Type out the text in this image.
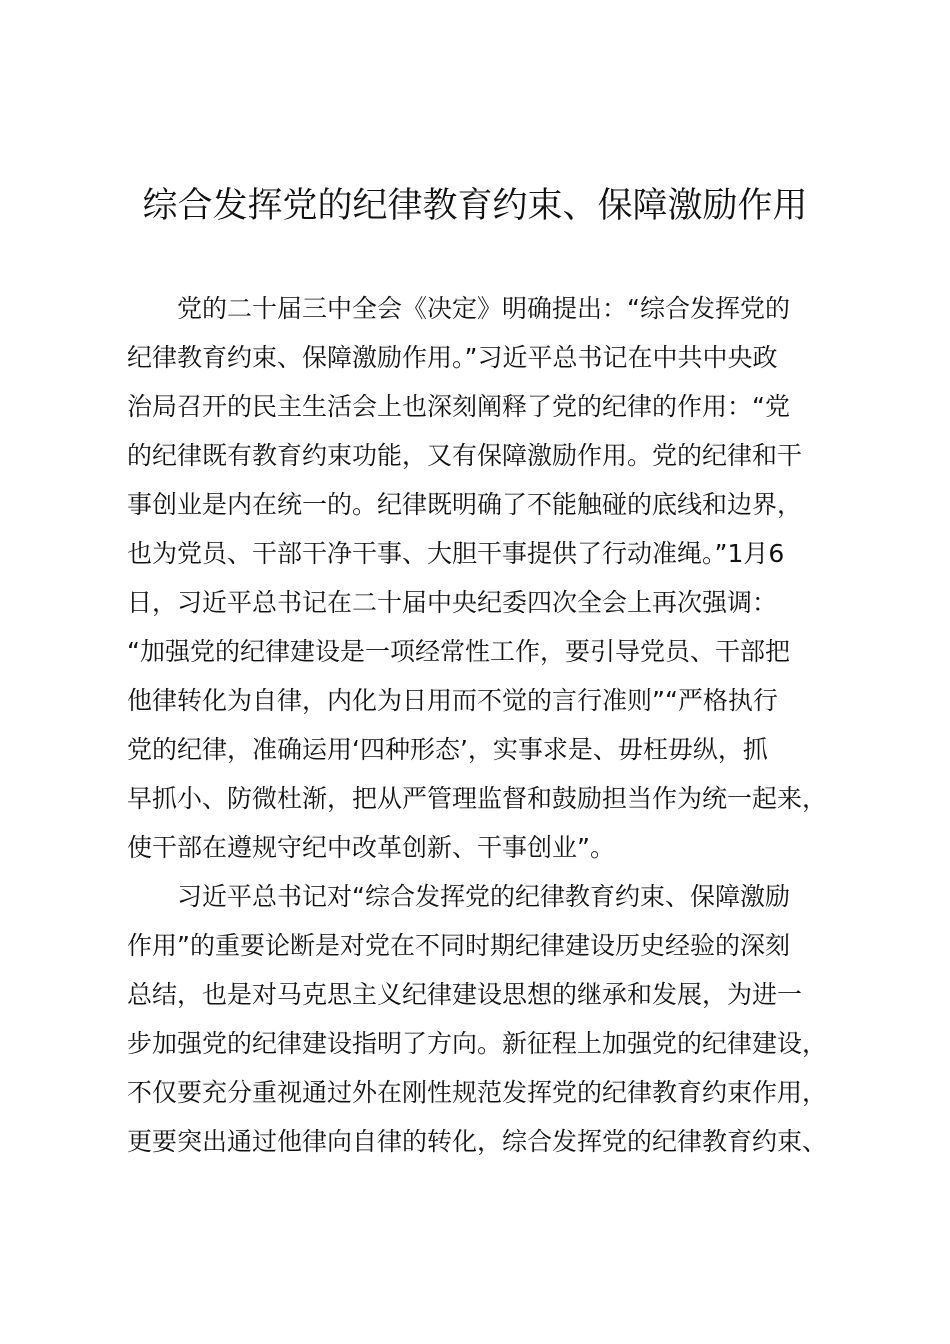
综合发挥党的纪律教育约束、保障激励作用

党的二十届三中全会《决定》明确提出：“综合发挥党的
纪律教育约束、保障激励作用。”习近平总书记在中共中央政
治局召开的民主生活会上也深刻阐释了党的纪律的作用：“党
的纪律既有教育约束功能，又有保障激励作用。党的纪律和干
事创业是内在统一的。纪律既明确了不能触碰的底线和边界，
也为党员、干部干净干事、大胆干事提供了行动准绳。”1月6
日，习近平总书记在二十届中央纪委四次全会上再次强调：
“加强党的纪律建设是一项经常性工作，要引导党员、干部把
他律转化为自律，内化为日用而不觉的言行准则”“严格执行
党的纪律，准确运用‘四种形态’，实事求是、毋枉毋纵，抓
早抓小、防微杜渐，把从严管理监督和鼓励担当作为统一起来，
使干部在遵规守纪中改革创新、干事创业”。

习近平总书记对“综合发挥党的纪律教育约束、保障激励
作用”的重要论断是对党在不同时期纪律建设历史经验的深刻
总结，也是对马克思主义纪律建设思想的继承和发展，为进一
步加强党的纪律建设指明了方向。新征程上加强党的纪律建设，
不仅要充分重视通过外在刚性规范发挥党的纪律教育约束作用，
更要突出通过他律向自律的转化，综合发挥党的纪律教育约束、
